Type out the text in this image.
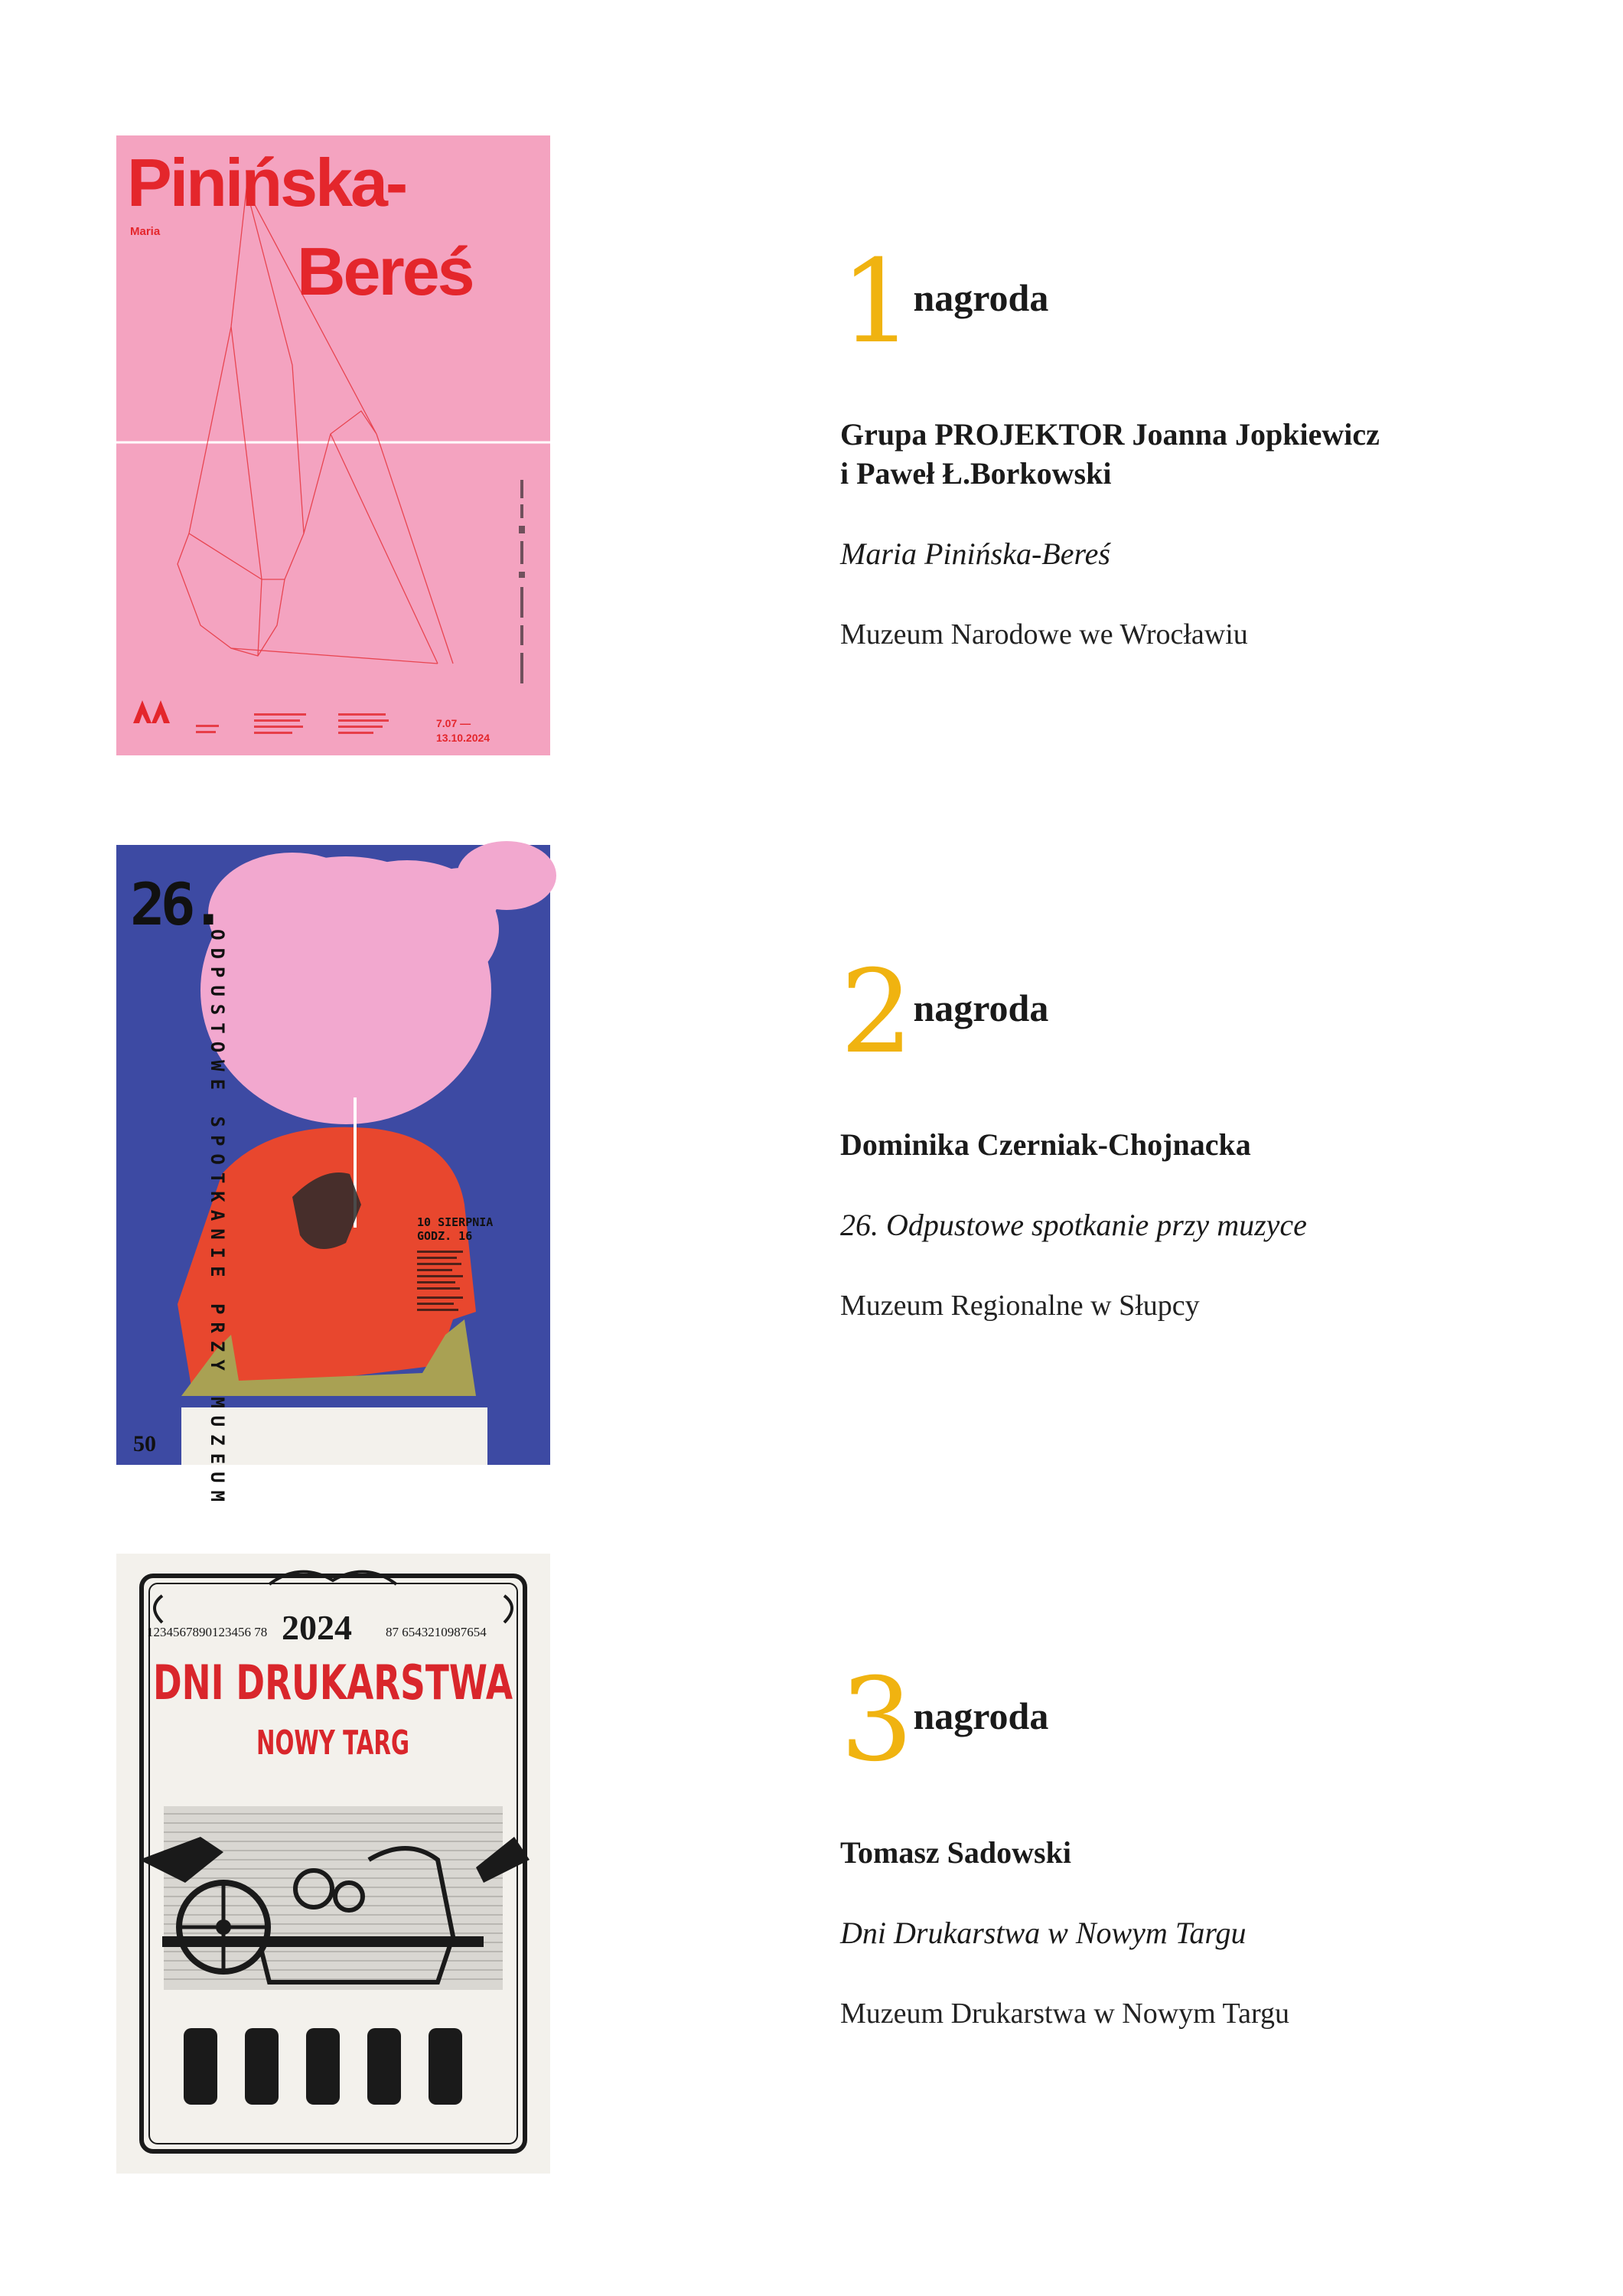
Pinińska-
Bereś
Maria
7.07 —
13.10.2024
1nagroda
Grupa PROJEKTOR Joanna Jopkiewicz
i Paweł Ł.Borkowski
Maria Pinińska-Bereś
Muzeum Narodowe we Wrocławiu
26.
ODPUSTOWE SPOTKANIE PRZY MUZEUM	10 SIERPNIA
GODZ. 16
50
2nagroda
Dominika Czerniak-Chojnacka
26. Odpustowe spotkanie przy muzyce
Muzeum Regionalne w Słupcy
1234567890123456 78 2024	87 6543210987654
DNI DRUKARSTWA
NOWY TARG	3nagroda
Tomasz Sadowski
Dni Drukarstwa w Nowym Targu
Muzeum Drukarstwa w Nowym Targu
